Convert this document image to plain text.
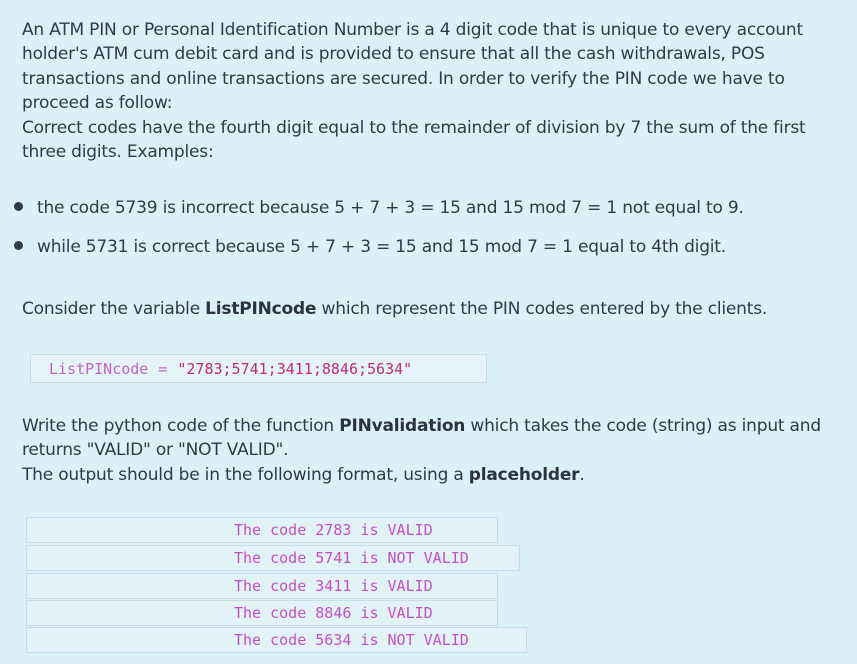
An ATM PIN or Personal Identification Number is a 4 digit code that is unique to every account holder's ATM cum debit card and is provided to ensure that all the cash withdrawals, POS transactions and online transactions are secured. In order to verify the PIN code we have to proceed as follow:

Correct codes have the fourth digit equal to the remainder of division by 7 the sum of the first three digits. Examples:

the code 5739 is incorrect because 5 + 7 + 3 = 15 and 15 mod 7 = 1 not equal to 9.
while 5731 is correct because 5 + 7 + 3 = 15 and 15 mod 7 = 1 equal to 4th digit.
Consider the variable ListPINcode which represent the PIN codes entered by the clients.
ListPINcode = "2783;5741;3411;8846;5634"

Write the python code of the function PINvalidation which takes the code (string) as input and returns "VALID" or "NOT VALID".

The output should be in the following format, using a placeholder.

The code 2783 is VALID
The code 5741 is NOT VALID
The code 3411 is VALID
The code 8846 is VALID
The code 5634 is NOT VALID
